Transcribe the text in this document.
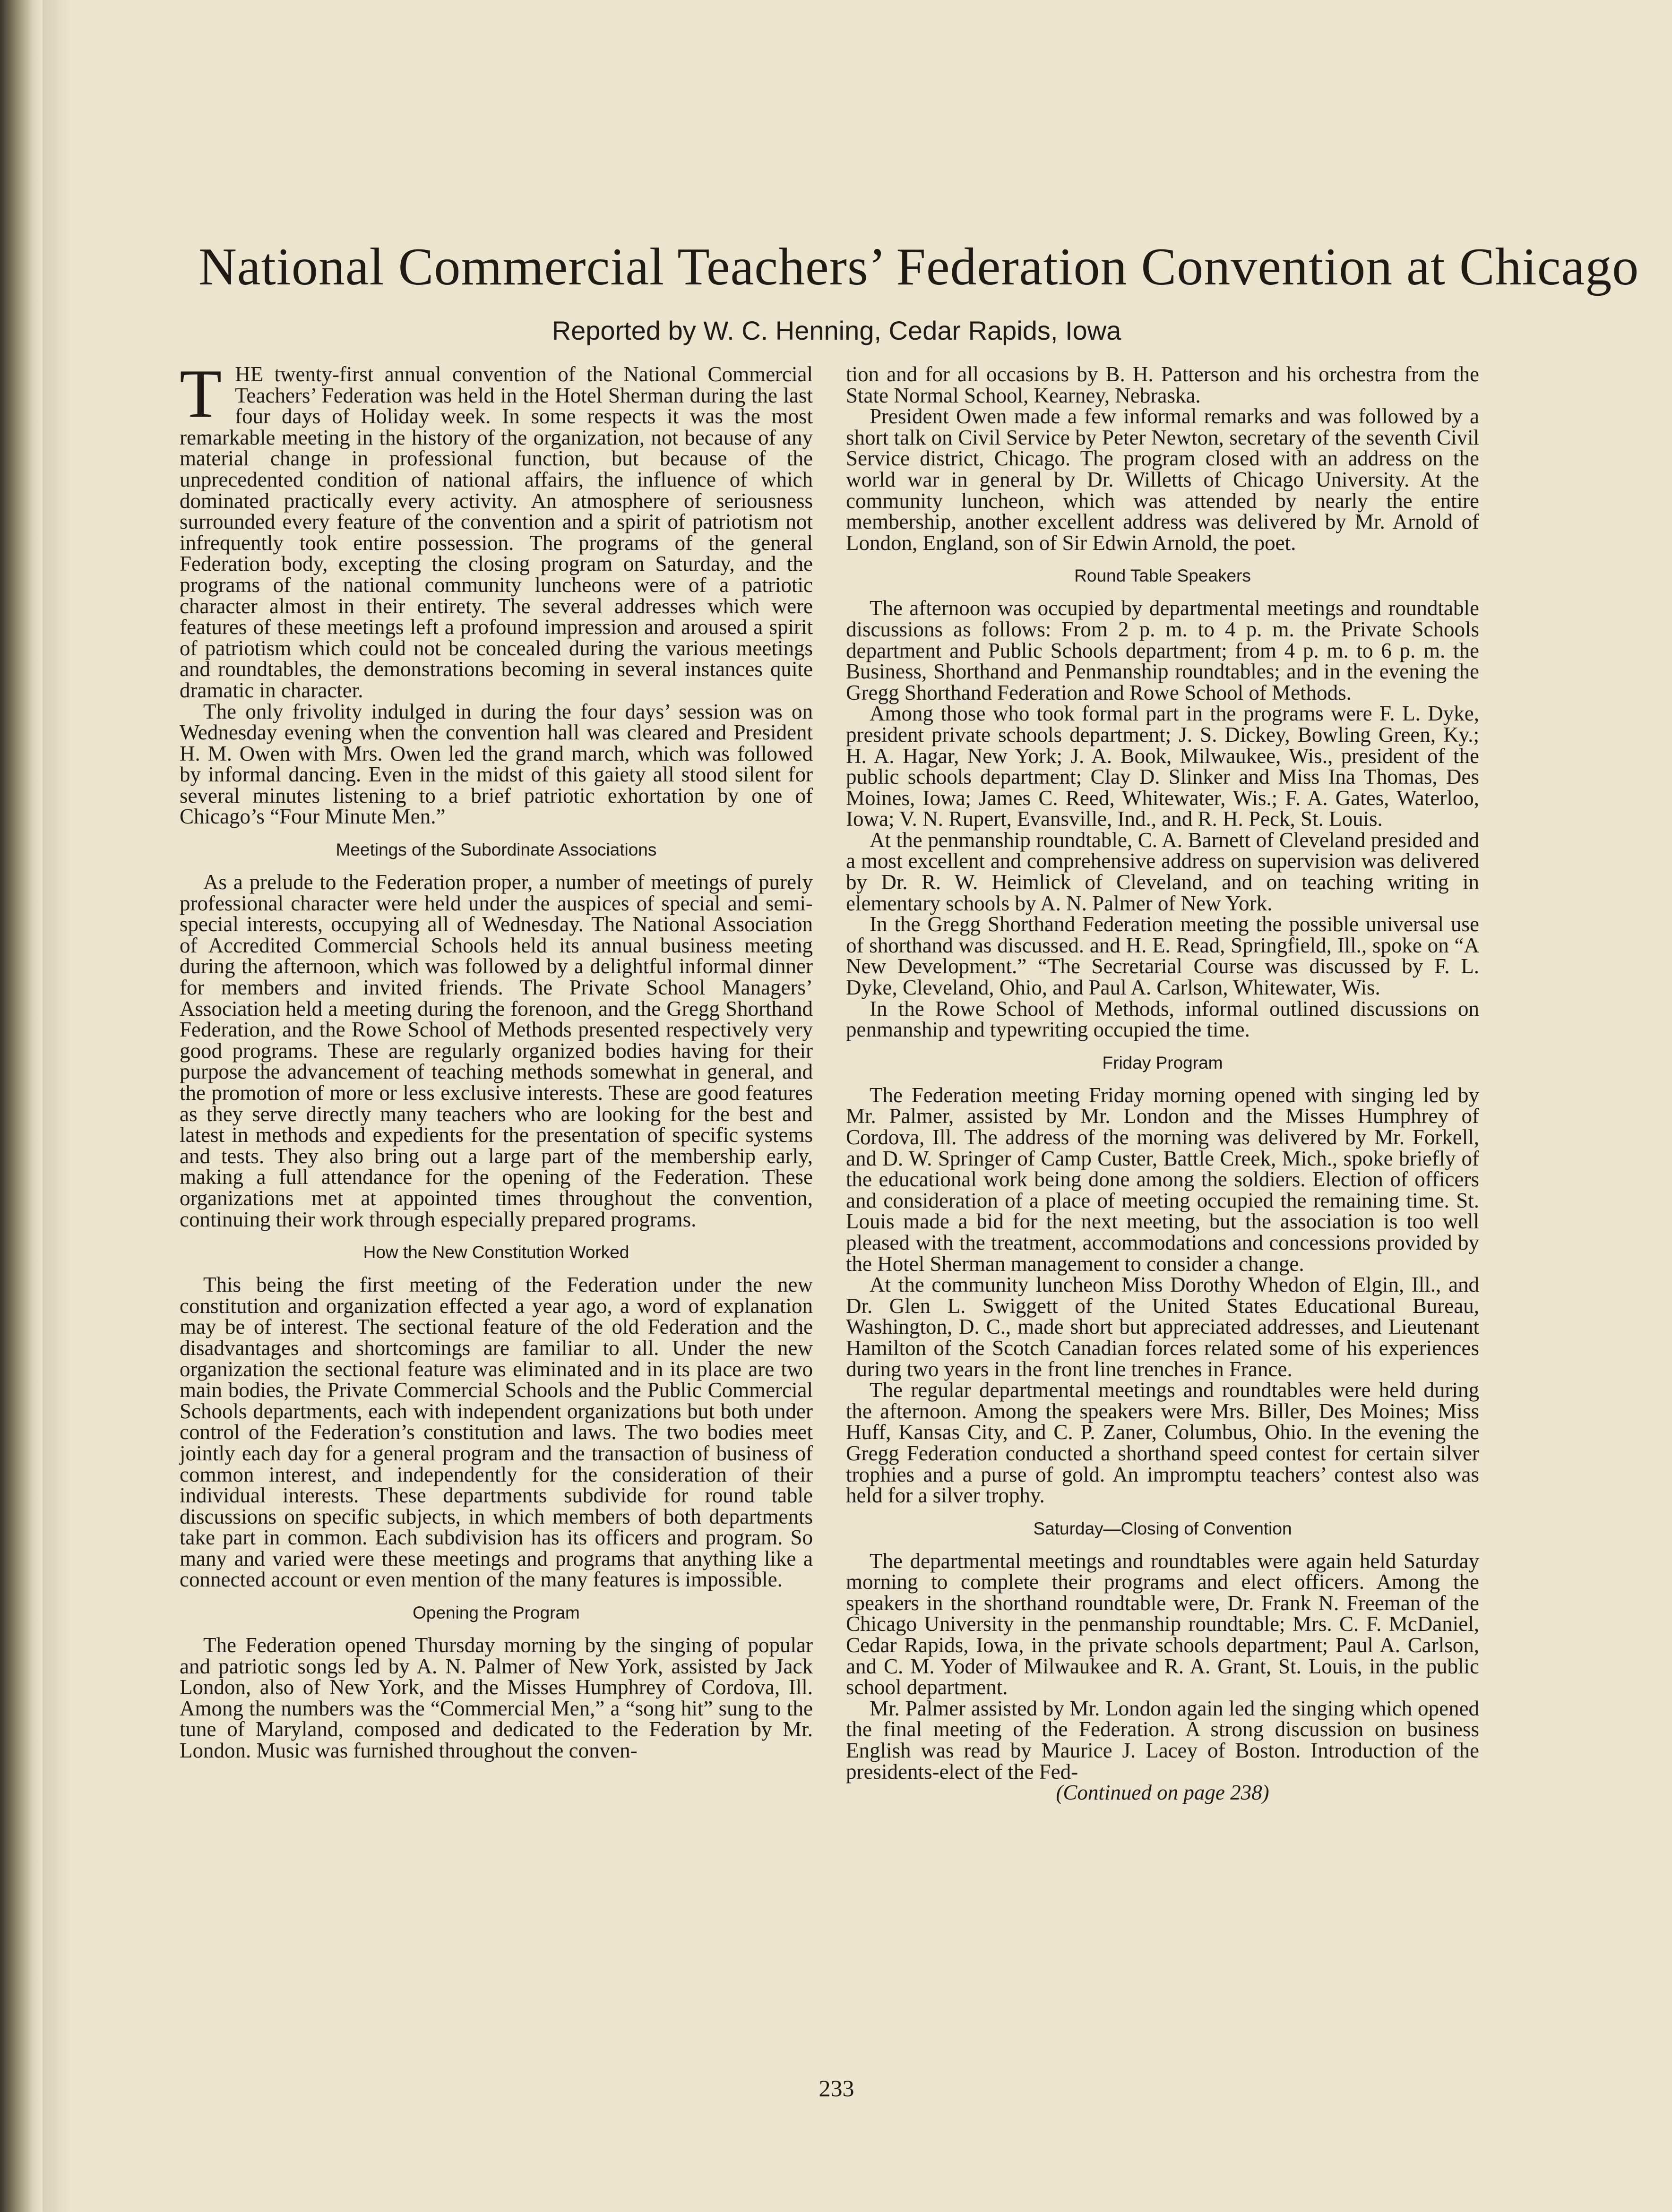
National Commercial Teachers’ Federation Convention at Chicago
Reported by W. C. Henning, Cedar Rapids, Iowa

THE twenty-first annual convention of the National Commercial Teachers’ Federation was held in the Hotel Sherman during the last four days of Holiday week. In some respects it was the most remarkable meeting in the history of the organization, not because of any material change in professional function, but because of the unprecedented condition of national affairs, the influence of which dominated practically every activity. An atmosphere of seriousness surrounded every feature of the convention and a spirit of patriotism not infrequently took entire possession. The programs of the general Federation body, excepting the closing program on Saturday, and the programs of the national community luncheons were of a patriotic character almost in their entirety. The several addresses which were features of these meetings left a profound impression and aroused a spirit of patriotism which could not be concealed during the various meetings and roundtables, the demonstrations becoming in several instances quite dramatic in character.

The only frivolity indulged in during the four days’ session was on Wednesday evening when the convention hall was cleared and President H. M. Owen with Mrs. Owen led the grand march, which was followed by informal dancing. Even in the midst of this gaiety all stood silent for several minutes listening to a brief patriotic exhortation by one of Chicago’s “Four Minute Men.”

Meetings of the Subordinate Associations

As a prelude to the Federation proper, a number of meetings of purely professional character were held under the auspices of special and semi-special interests, occupying all of Wednesday. The National Association of Accredited Commercial Schools held its annual business meeting during the afternoon, which was followed by a delightful informal dinner for members and invited friends. The Private School Managers’ Association held a meeting during the forenoon, and the Gregg Shorthand Federation, and the Rowe School of Methods presented respectively very good programs. These are regularly organized bodies having for their purpose the advancement of teaching methods somewhat in general, and the promotion of more or less exclusive interests. These are good features as they serve directly many teachers who are looking for the best and latest in methods and expedients for the presentation of specific systems and tests. They also bring out a large part of the membership early, making a full attendance for the opening of the Federation. These organizations met at appointed times throughout the convention, continuing their work through especially prepared programs.

How the New Constitution Worked

This being the first meeting of the Federation under the new constitution and organization effected a year ago, a word of explanation may be of interest. The sectional feature of the old Federation and the disadvantages and shortcomings are familiar to all. Under the new organization the sectional feature was eliminated and in its place are two main bodies, the Private Commercial Schools and the Public Commercial Schools departments, each with independent organizations but both under control of the Federation’s constitution and laws. The two bodies meet jointly each day for a general program and the transaction of business of common interest, and independently for the consideration of their individual interests. These departments subdivide for round table discussions on specific subjects, in which members of both departments take part in common. Each subdivision has its officers and program. So many and varied were these meetings and programs that anything like a connected account or even mention of the many features is impossible.

Opening the Program

The Federation opened Thursday morning by the singing of popular and patriotic songs led by A. N. Palmer of New York, assisted by Jack London, also of New York, and the Misses Humphrey of Cordova, Ill. Among the numbers was the “Commercial Men,” a “song hit” sung to the tune of Maryland, composed and dedicated to the Federation by Mr. London. Music was furnished throughout the conven-

tion and for all occasions by B. H. Patterson and his orchestra from the State Normal School, Kearney, Nebraska.

President Owen made a few informal remarks and was followed by a short talk on Civil Service by Peter Newton, secretary of the seventh Civil Service district, Chicago. The program closed with an address on the world war in general by Dr. Willetts of Chicago University. At the community luncheon, which was attended by nearly the entire membership, another excellent address was delivered by Mr. Arnold of London, England, son of Sir Edwin Arnold, the poet.

Round Table Speakers

The afternoon was occupied by departmental meetings and roundtable discussions as follows: From 2 p. m. to 4 p. m. the Private Schools department and Public Schools department; from 4 p. m. to 6 p. m. the Business, Shorthand and Penmanship roundtables; and in the evening the Gregg Shorthand Federation and Rowe School of Methods.

Among those who took formal part in the programs were F. L. Dyke, president private schools department; J. S. Dickey, Bowling Green, Ky.; H. A. Hagar, New York; J. A. Book, Milwaukee, Wis., president of the public schools department; Clay D. Slinker and Miss Ina Thomas, Des Moines, Iowa; James C. Reed, Whitewater, Wis.; F. A. Gates, Waterloo, Iowa; V. N. Rupert, Evansville, Ind., and R. H. Peck, St. Louis.

At the penmanship roundtable, C. A. Barnett of Cleveland presided and a most excellent and comprehensive address on supervision was delivered by Dr. R. W. Heimlick of Cleveland, and on teaching writing in elementary schools by A. N. Palmer of New York.

In the Gregg Shorthand Federation meeting the possible universal use of shorthand was discussed. and H. E. Read, Springfield, Ill., spoke on “A New Development.” “The Secretarial Course was discussed by F. L. Dyke, Cleveland, Ohio, and Paul A. Carlson, Whitewater, Wis.

In the Rowe School of Methods, informal outlined discussions on penmanship and typewriting occupied the time.

Friday Program

The Federation meeting Friday morning opened with singing led by Mr. Palmer, assisted by Mr. London and the Misses Humphrey of Cordova, Ill. The address of the morning was delivered by Mr. Forkell, and D. W. Springer of Camp Custer, Battle Creek, Mich., spoke briefly of the educational work being done among the soldiers. Election of officers and consideration of a place of meeting occupied the remaining time. St. Louis made a bid for the next meeting, but the association is too well pleased with the treatment, accommodations and concessions provided by the Hotel Sherman management to consider a change.

At the community luncheon Miss Dorothy Whedon of Elgin, Ill., and Dr. Glen L. Swiggett of the United States Educational Bureau, Washington, D. C., made short but appreciated addresses, and Lieutenant Hamilton of the Scotch Canadian forces related some of his experiences during two years in the front line trenches in France.

The regular departmental meetings and roundtables were held during the afternoon. Among the speakers were Mrs. Biller, Des Moines; Miss Huff, Kansas City, and C. P. Zaner, Columbus, Ohio. In the evening the Gregg Federation conducted a shorthand speed contest for certain silver trophies and a purse of gold. An impromptu teachers’ contest also was held for a silver trophy.

Saturday—Closing of Convention

The departmental meetings and roundtables were again held Saturday morning to complete their programs and elect officers. Among the speakers in the shorthand roundtable were, Dr. Frank N. Freeman of the Chicago University in the penmanship roundtable; Mrs. C. F. McDaniel, Cedar Rapids, Iowa, in the private schools department; Paul A. Carlson, and C. M. Yoder of Milwaukee and R. A. Grant, St. Louis, in the public school department.

Mr. Palmer assisted by Mr. London again led the singing which opened the final meeting of the Federation. A strong discussion on business English was read by Maurice J. Lacey of Boston. Introduction of the presidents-elect of the Fed-

(Continued on page 238)

233
